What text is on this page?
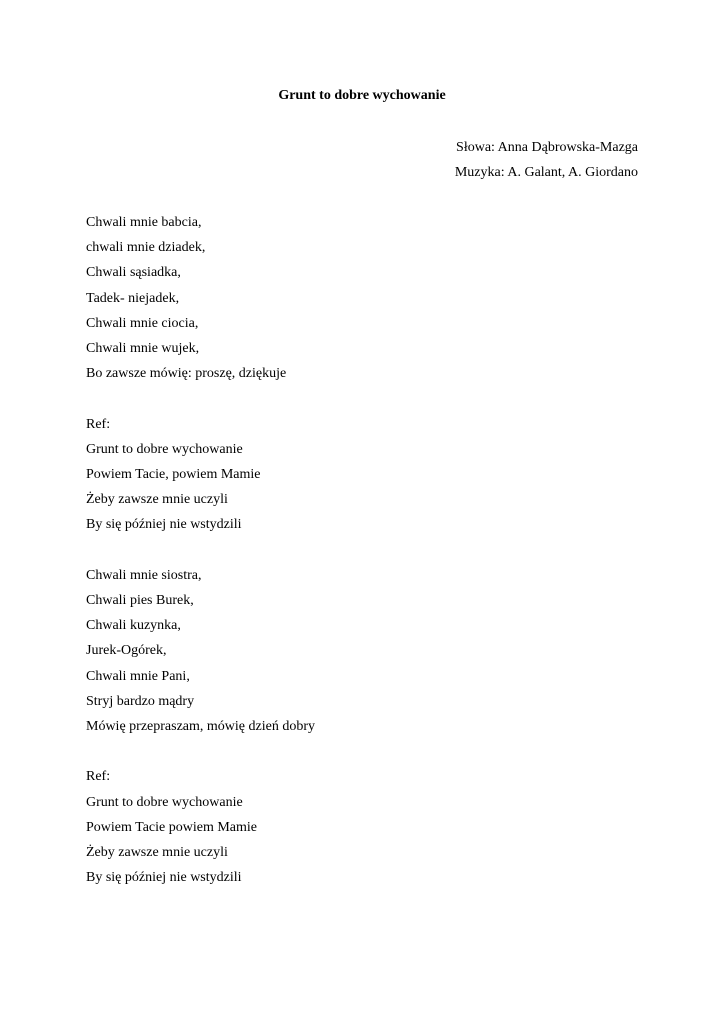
Grunt to dobre wychowanie
Słowa: Anna Dąbrowska-Mazga
Muzyka: A. Galant, A. Giordano
Chwali mnie babcia,
chwali mnie dziadek,
Chwali sąsiadka,
Tadek- niejadek,
Chwali mnie ciocia,
Chwali mnie wujek,
Bo zawsze mówię: proszę, dziękuje
Ref:
Grunt to dobre wychowanie
Powiem Tacie, powiem Mamie
Żeby zawsze mnie uczyli
By się później nie wstydzili
Chwali mnie siostra,
Chwali pies Burek,
Chwali kuzynka,
Jurek-Ogórek,
Chwali mnie Pani,
Stryj bardzo mądry
Mówię przepraszam, mówię dzień dobry
Ref:
Grunt to dobre wychowanie
Powiem Tacie powiem Mamie
Żeby zawsze mnie uczyli
By się później nie wstydzili
